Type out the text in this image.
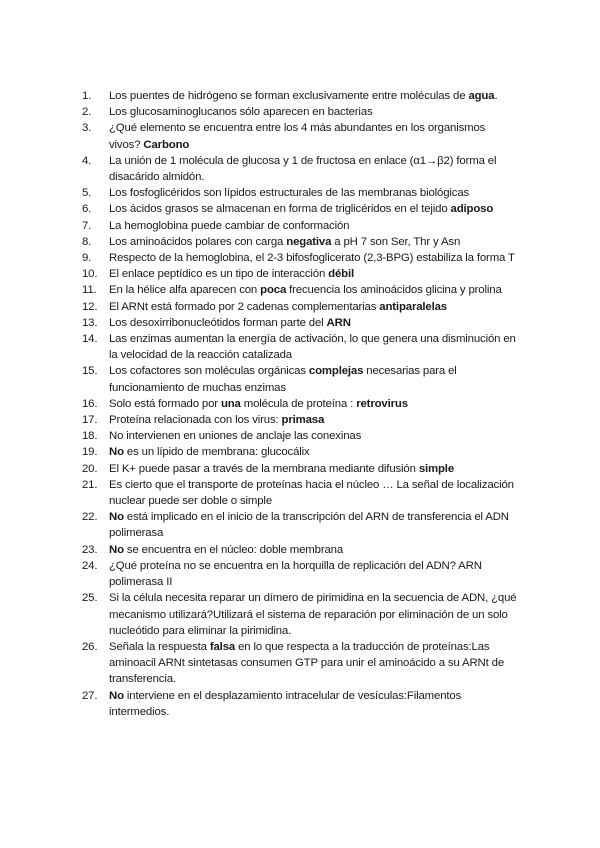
1.	Los puentes de hidrógeno se forman exclusivamente entre moléculas de agua.
2.	Los glucosaminoglucanos sólo aparecen en bacterias
3.	¿Qué elemento se encuentra entre los 4 más abundantes en los organismos vivos? Carbono
4.	La unión de 1 molécula de glucosa y 1 de fructosa en enlace (α1→β2) forma el disacárido almidón.
5.	Los fosfoglicéridos son lípidos estructurales de las membranas biológicas
6.	Los ácidos grasos se almacenan en forma de triglicéridos en el tejido adiposo
7.	La hemoglobina puede cambiar de conformación
8.	Los aminoácidos polares con carga negativa a pH 7 son Ser, Thr y Asn
9.	Respecto de la hemoglobina, el 2-3 bifosfoglicerato (2,3-BPG) estabiliza la forma T
10.	El enlace peptídico es un tipo de interacción débil
11.	En la hélice alfa aparecen con poca frecuencia los aminoácidos glicina y prolina
12.	El ARNt está formado por 2 cadenas complementarias antiparalelas
13.	Los desoxirribonucleótidos forman parte del ARN
14.	Las enzimas aumentan la energía de activación, lo que genera una disminución en la velocidad de la reacción catalizada
15.	Los cofactores son moléculas orgánicas complejas necesarias para el funcionamiento de muchas enzimas
16.	Solo está formado por una molécula de proteína : retrovirus
17.	Proteína relacionada con los virus: primasa
18.	No intervienen en uniones de anclaje las conexinas
19.	No es un lípido de membrana: glucocálix
20.	El K+ puede pasar a través de la membrana mediante difusión simple
21.	Es cierto que el transporte de proteínas hacia el núcleo … La señal de localización nuclear puede ser doble o simple
22.	No está implicado en el inicio de la transcripción del ARN de transferencia el ADN polimerasa
23.	No se encuentra en el núcleo: doble membrana
24.	¿Qué proteína no se encuentra en la horquilla de replicación del ADN? ARN polimerasa II
25.	Si la célula necesita reparar un dímero de pirimidina en la secuencia de ADN, ¿qué mecanismo utilizará?Utilizará el sistema de reparación por eliminación de un solo nucleótido para eliminar la pirimidina.
26.	Señala la respuesta falsa en lo que respecta a la traducción de proteínas:Las aminoacil ARNt sintetasas consumen GTP para unir el aminoácido a su ARNt de transferencia.
27.	No interviene en el desplazamiento intracelular de vesículas:Filamentos intermedios.
